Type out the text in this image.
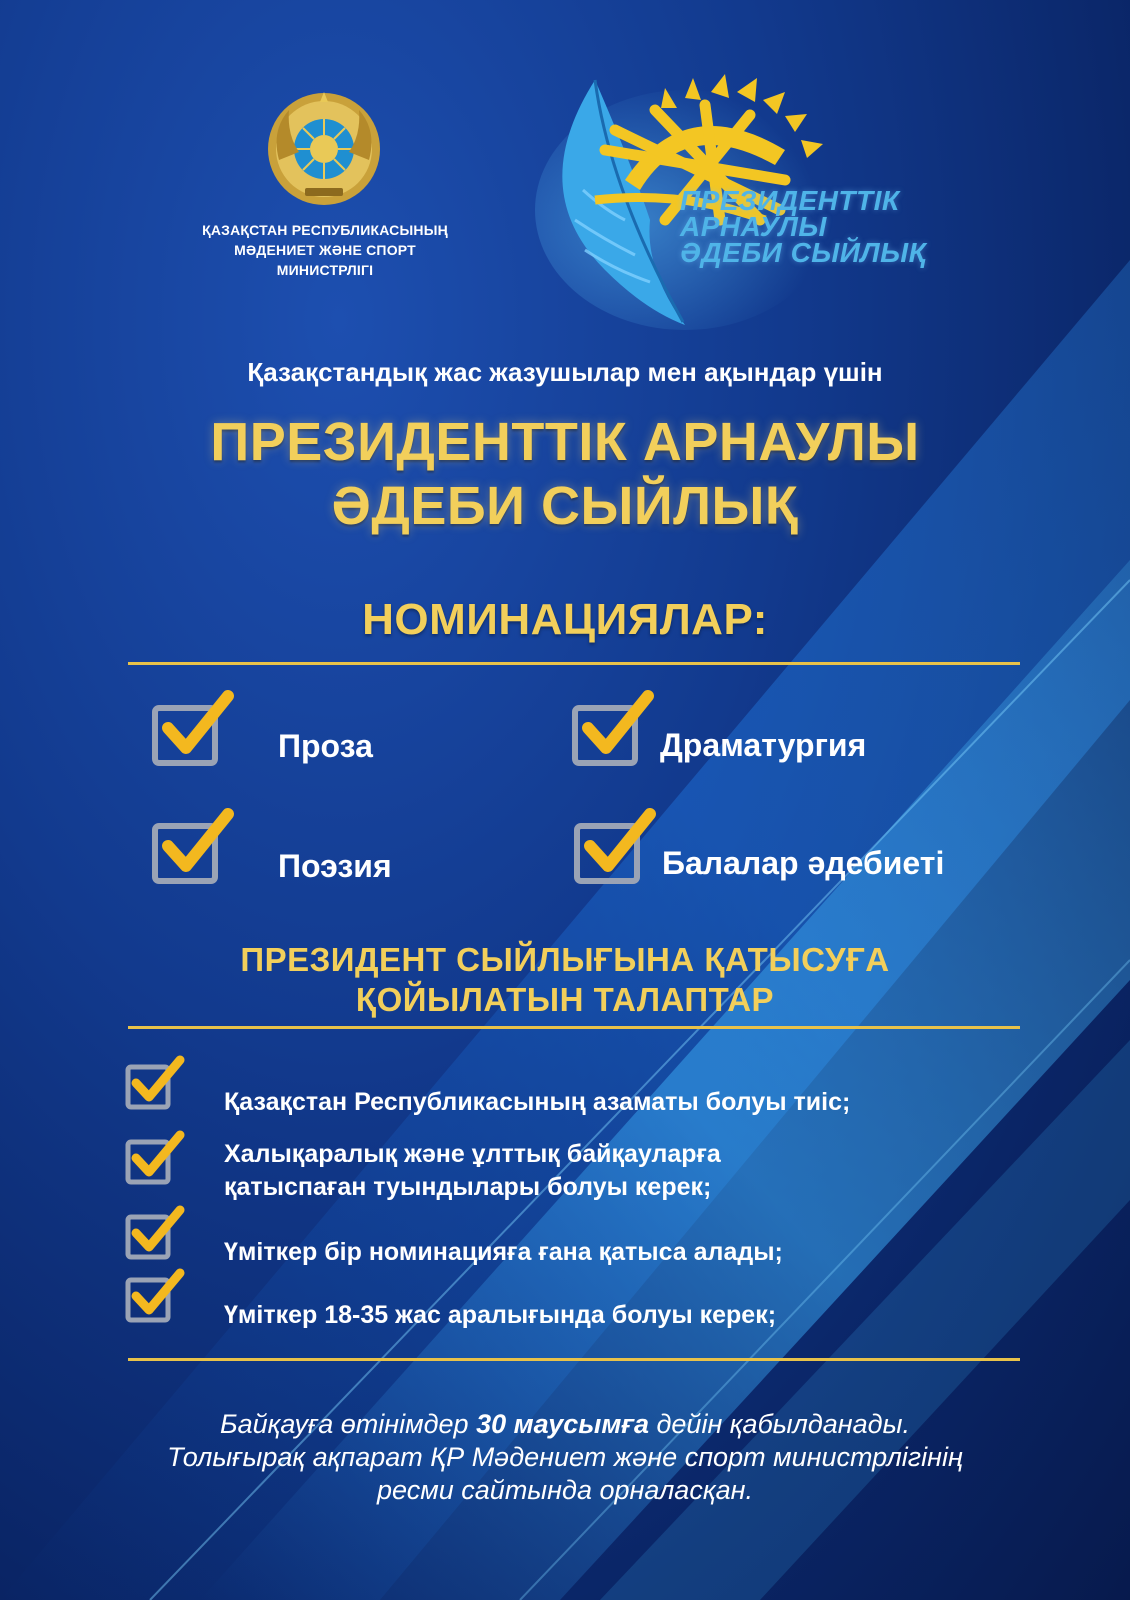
ҚАЗАҚСТАН РЕСПУБЛИКАСЫНЫҢ
МӘДЕНИЕТ ЖӘНЕ СПОРТ
МИНИСТРЛІГІ
ПРЕЗИДЕНТТІК
АРНАУЛЫ
ӘДЕБИ СЫЙЛЫҚ
Қазақстандық жас жазушылар мен ақындар үшін
ПРЕЗИДЕНТТІК АРНАУЛЫ
ӘДЕБИ СЫЙЛЫҚ
НОМИНАЦИЯЛАР:
Проза	Драматургия
Поэзия	Балалар әдебиеті
ПРЕЗИДЕНТ СЫЙЛЫҒЫНА ҚАТЫСУҒА
ҚОЙЫЛАТЫН ТАЛАПТАР
Қазақстан Республикасының азаматы болуы тиіс;
Халықаралық және ұлттық байқауларға
қатыспаған туындылары болуы керек;
Үміткер бір номинацияға ғана қатыса алады;
Үміткер 18-35 жас аралығында болуы керек;
Байқауға өтінімдер 30 маусымға дейін қабылданады.
Толығырақ ақпарат ҚР Мәдениет және спорт министрлігінің
ресми сайтында орналасқан.
